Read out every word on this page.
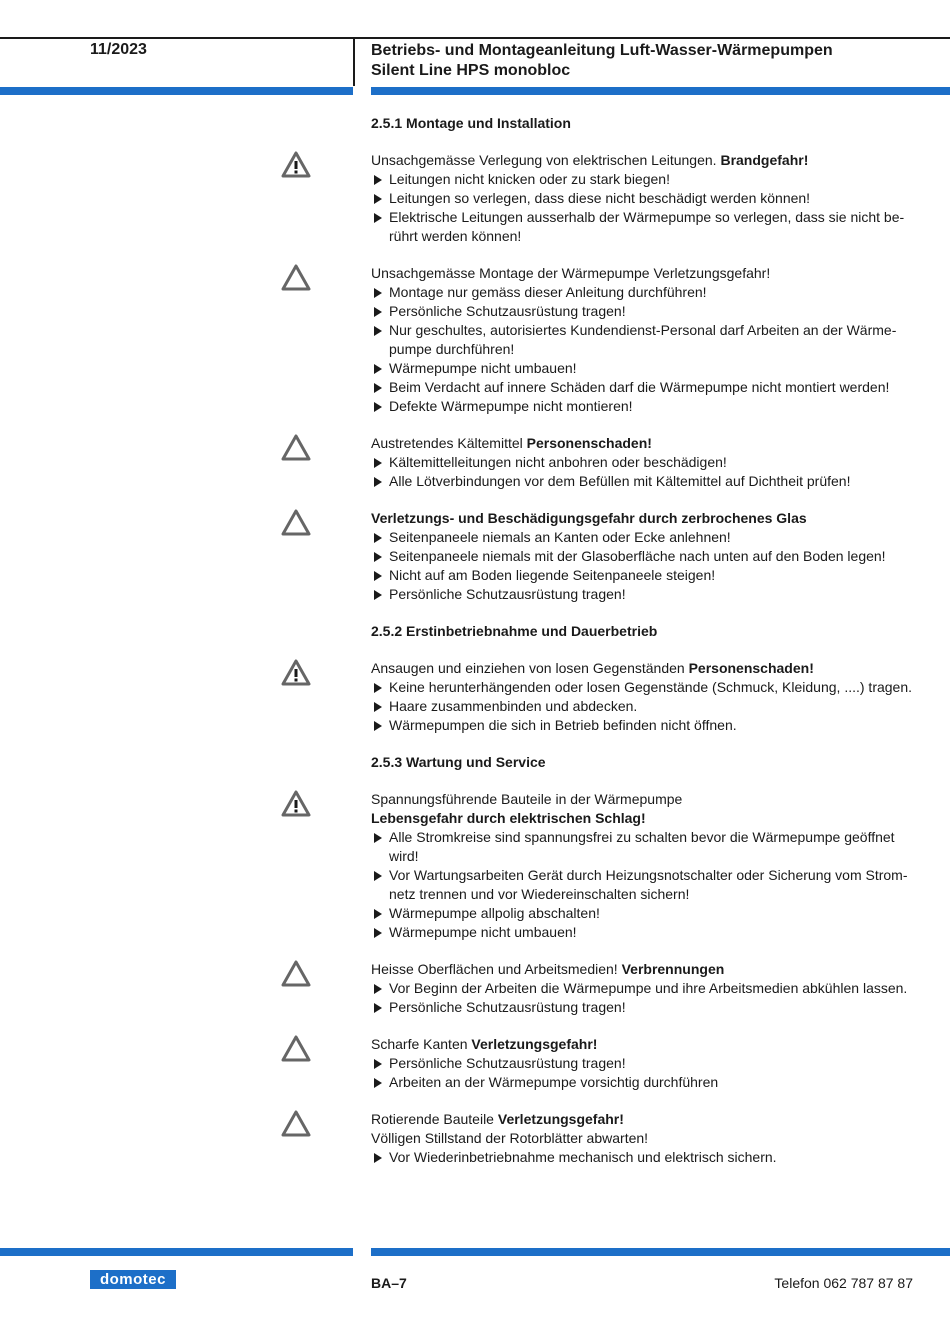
11/2023	Betriebs- und Montageanleitung Luft-Wasser-Wärmepumpen
Silent Line HPS monobloc
2.5.1 Montage und Installation

Unsachgemässe Verlegung von elektrischen Leitungen. Brandgefahr!

Leitungen nicht knicken oder zu stark biegen!
Leitungen so verlegen, dass diese nicht beschädigt werden können!
Elektrische Leitungen ausserhalb der Wärmepumpe so verlegen, dass sie nicht be-rührt werden können!

Unsachgemässe Montage der Wärmepumpe Verletzungsgefahr!

Montage nur gemäss dieser Anleitung durchführen!
Persönliche Schutzausrüstung tragen!
Nur geschultes, autorisiertes Kundendienst-Personal darf Arbeiten an der Wärme-pumpe durchführen!
Wärmepumpe nicht umbauen!
Beim Verdacht auf innere Schäden darf die Wärmepumpe nicht montiert werden!
Defekte Wärmepumpe nicht montieren!

Austretendes Kältemittel Personenschaden!

Kältemittelleitungen nicht anbohren oder beschädigen!
Alle Lötverbindungen vor dem Befüllen mit Kältemittel auf Dichtheit prüfen!

Verletzungs- und Beschädigungsgefahr durch zerbrochenes Glas

Seitenpaneele niemals an Kanten oder Ecke anlehnen!
Seitenpaneele niemals mit der Glasoberfläche nach unten auf den Boden legen!
Nicht auf am Boden liegende Seitenpaneele steigen!
Persönliche Schutzausrüstung tragen!
2.5.2 Erstinbetriebnahme und Dauerbetrieb

Ansaugen und einziehen von losen Gegenständen Personenschaden!

Keine herunterhängenden oder losen Gegenstände (Schmuck, Kleidung, ....) tragen.
Haare zusammenbinden und abdecken.
Wärmepumpen die sich in Betrieb befinden nicht öffnen.
2.5.3 Wartung und Service

Spannungsführende Bauteile in der Wärmepumpe

Lebensgefahr durch elektrischen Schlag!

Alle Stromkreise sind spannungsfrei zu schalten bevor die Wärmepumpe geöffnet wird!
Vor Wartungsarbeiten Gerät durch Heizungsnotschalter oder Sicherung vom Strom-netz trennen und vor Wiedereinschalten sichern!
Wärmepumpe allpolig abschalten!
Wärmepumpe nicht umbauen!

Heisse Oberflächen und Arbeitsmedien! Verbrennungen

Vor Beginn der Arbeiten die Wärmepumpe und ihre Arbeitsmedien abkühlen lassen.
Persönliche Schutzausrüstung tragen!

Scharfe Kanten Verletzungsgefahr!

Persönliche Schutzausrüstung tragen!
Arbeiten an der Wärmepumpe vorsichtig durchführen

Rotierende Bauteile Verletzungsgefahr!

Völligen Stillstand der Rotorblätter abwarten!

Vor Wiederinbetriebnahme mechanisch und elektrisch sichern.
domotec	BA–7	Telefon 062 787 87 87
